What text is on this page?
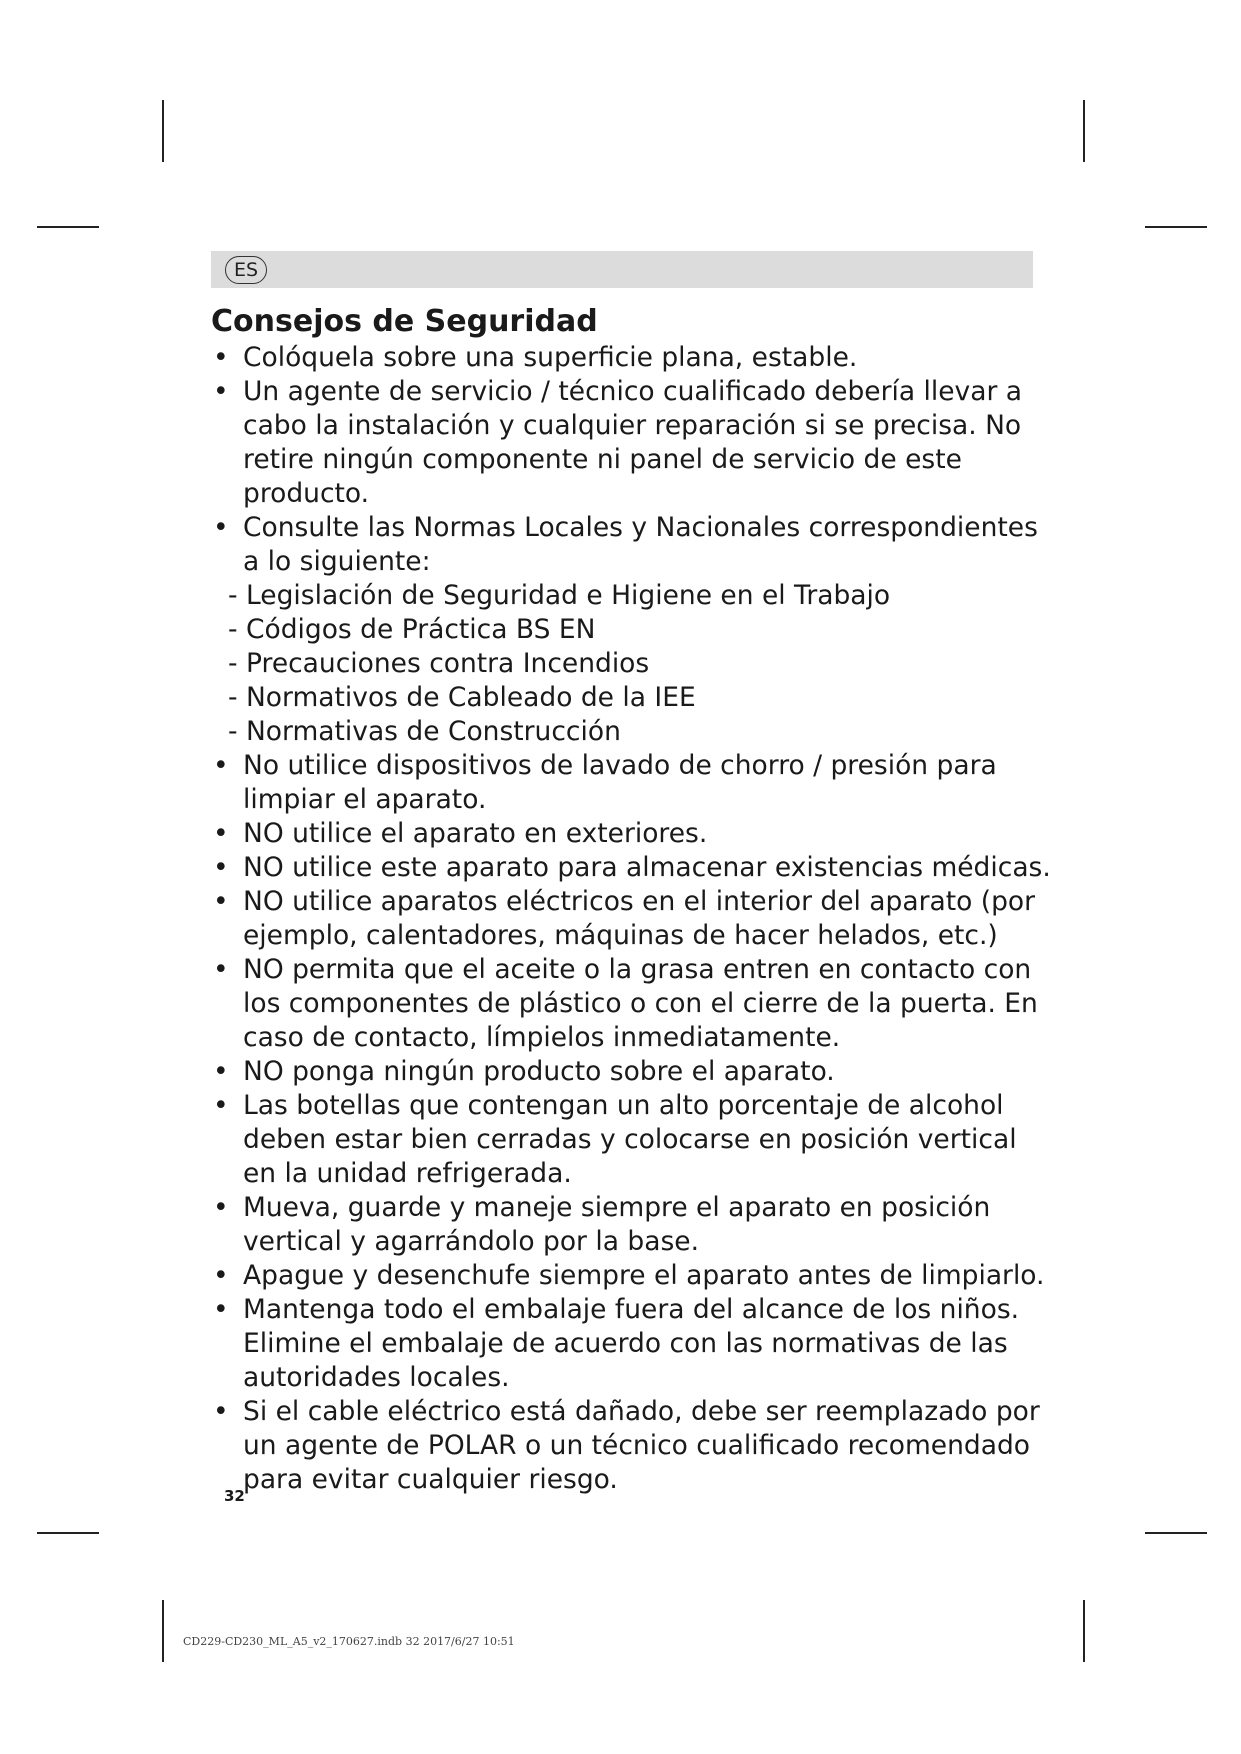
ES
Consejos de Seguridad
• Colóquela sobre una superficie plana, estable.
• Un agente de servicio / técnico cualificado debería llevar a cabo la instalación y cualquier reparación si se precisa. No retire ningún componente ni panel de servicio de este producto.
• Consulte las Normas Locales y Nacionales correspondientes a lo siguiente:
- Legislación de Seguridad e Higiene en el Trabajo
- Códigos de Práctica BS EN
- Precauciones contra Incendios
- Normativos de Cableado de la IEE
- Normativas de Construcción
• No utilice dispositivos de lavado de chorro / presión para limpiar el aparato.
• NO utilice el aparato en exteriores.
• NO utilice este aparato para almacenar existencias médicas.
• NO utilice aparatos eléctricos en el interior del aparato (por ejemplo, calentadores, máquinas de hacer helados, etc.)
• NO permita que el aceite o la grasa entren en contacto con los componentes de plástico o con el cierre de la puerta. En caso de contacto, límpielos inmediatamente.
• NO ponga ningún producto sobre el aparato.
• Las botellas que contengan un alto porcentaje de alcohol deben estar bien cerradas y colocarse en posición vertical en la unidad refrigerada.
• Mueva, guarde y maneje siempre el aparato en posición vertical y agarrándolo por la base.
• Apague y desenchufe siempre el aparato antes de limpiarlo.
• Mantenga todo el embalaje fuera del alcance de los niños. Elimine el embalaje de acuerdo con las normativas de las autoridades locales.
• Si el cable eléctrico está dañado, debe ser reemplazado por un agente de POLAR o un técnico cualificado recomendado para evitar cualquier riesgo.
32
CD229-CD230_ML_A5_v2_170627.indb 32 2017/6/27 10:51
